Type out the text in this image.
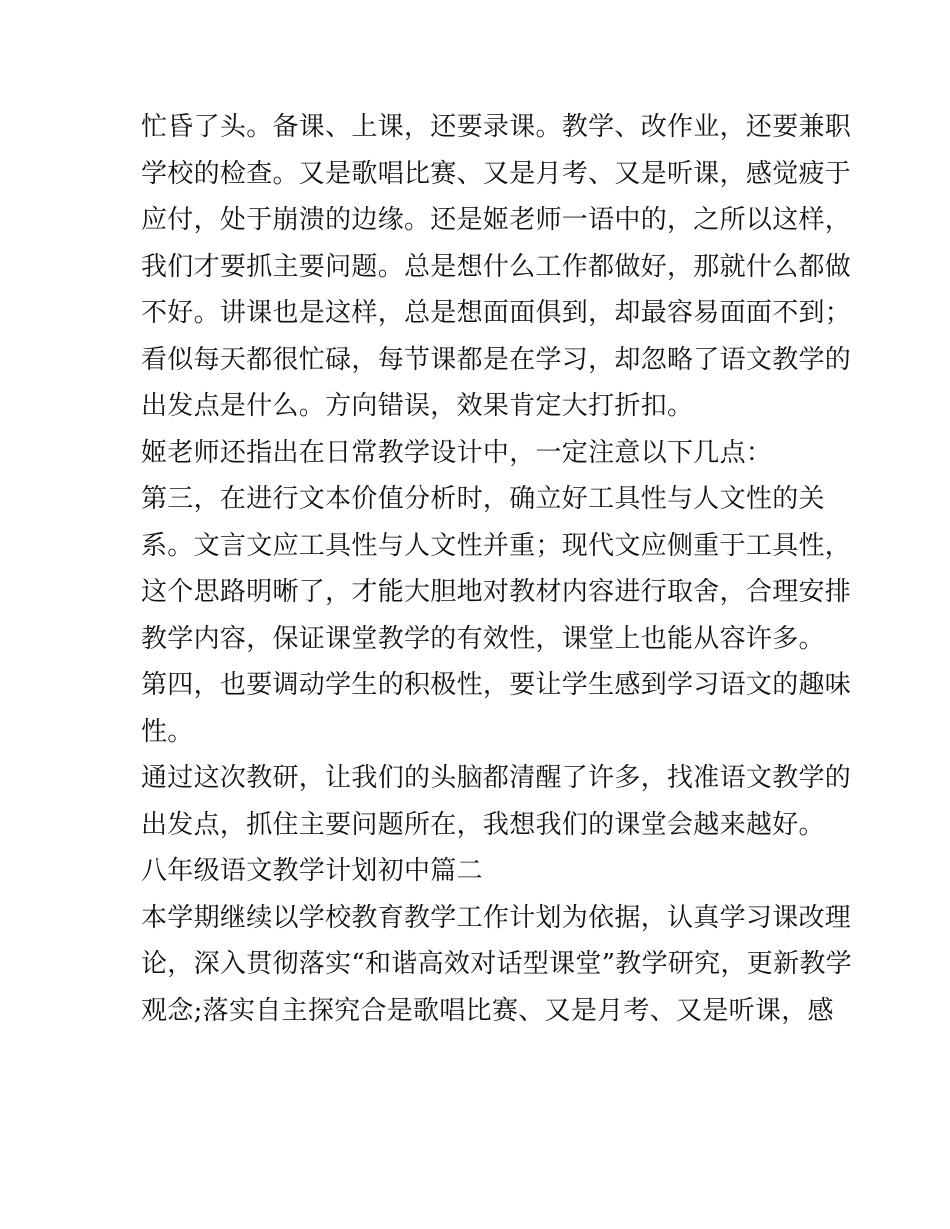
忙昏了头。备课、上课，还要录课。教学、改作业，还要兼职
学校的检查。又是歌唱比赛、又是月考、又是听课，感觉疲于
应付，处于崩溃的边缘。还是姬老师一语中的，之所以这样，
我们才要抓主要问题。总是想什么工作都做好，那就什么都做
不好。讲课也是这样，总是想面面俱到，却最容易面面不到；
看似每天都很忙碌，每节课都是在学习，却忽略了语文教学的
出发点是什么。方向错误，效果肯定大打折扣。
姬老师还指出在日常教学设计中，一定注意以下几点：
第三，在进行文本价值分析时，确立好工具性与人文性的关
系。文言文应工具性与人文性并重；现代文应侧重于工具性，
这个思路明晰了，才能大胆地对教材内容进行取舍，合理安排
教学内容，保证课堂教学的有效性，课堂上也能从容许多。
第四，也要调动学生的积极性，要让学生感到学习语文的趣味
性。
通过这次教研，让我们的头脑都清醒了许多，找准语文教学的
出发点，抓住主要问题所在，我想我们的课堂会越来越好。
八年级语文教学计划初中篇二
本学期继续以学校教育教学工作计划为依据，认真学习课改理
论，深入贯彻落实“和谐高效对话型课堂”教学研究，更新教学
观念;落实自主探究合是歌唱比赛、又是月考、又是听课，感
